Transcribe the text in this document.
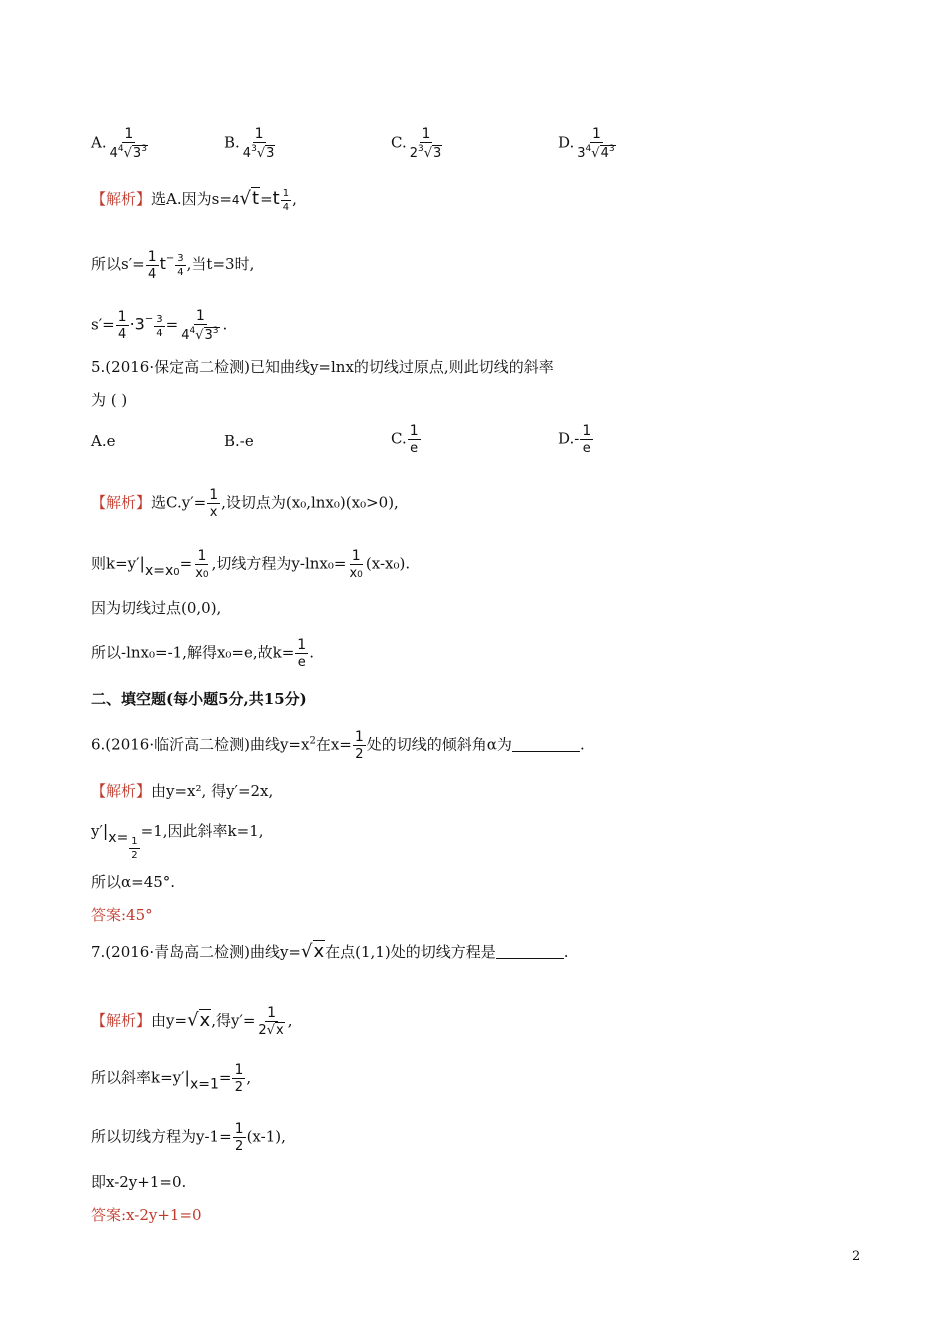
A. $\frac{1}{4^4√3^3}$	B. $\frac{1}{4^3√3}$	C. $\frac{1}{2^3√3}$	D. $\frac{1}{3^4√4^3}$
【解析】选A.因为$s=4√t=t \frac{1}{4}$ ,
所以$s'= \frac{1}{4} t^- \frac{3}{4}$ ,当t=3时,
$s'= \frac{1}{4} \cdot 3^- \frac{3}{4} = \frac{1}{4^4√3^3}$ .
5.(2016·保定高二检测)已知曲线y=lnx的切线过原点,则此切线的斜率
为 ( )
A.e	B.-e	C. $\frac{1}{e}$	$D.- \frac{1}{e}$
【解析】选$C.y'= \frac{1}{x}$ ,设切点为(x₀,lnx₀)(x₀>0),
则$k=y'|x=x0= \frac{1}{x0}$ ,切线方程为$y-\ln x_0= \frac{1}{x0} (x-x_0)$.
因为切线过点(0,0),
所以-lnx₀=-1,解得x₀=e,故$k= \frac{1}{e}$ .
二、填空题(每小题5分,共15分)
6.(2016·临沂高二检测)曲线$y=x^2$在$x= \frac{1}{2}$ 处的切线的倾斜角α为	.
【解析】由y=x², 得y′=2x,
$y'|x= \frac{1}{2}$
=1,因此斜率k=1,
所以α=45°.
答案:45°
7.(2016·青岛高二检测)曲线y=√x在点(1,1)处的切线方程是	.
【解析】由y=√x,得$y'= \frac{1}{2√x}$ ,
所以斜率$k=y'|x=1= \frac{1}{2}$ ,
所以切线方程为$y-1= \frac{1}{2} (x-1)$,
即x-2y+1=0.
答案:x-2y+1=0
2
